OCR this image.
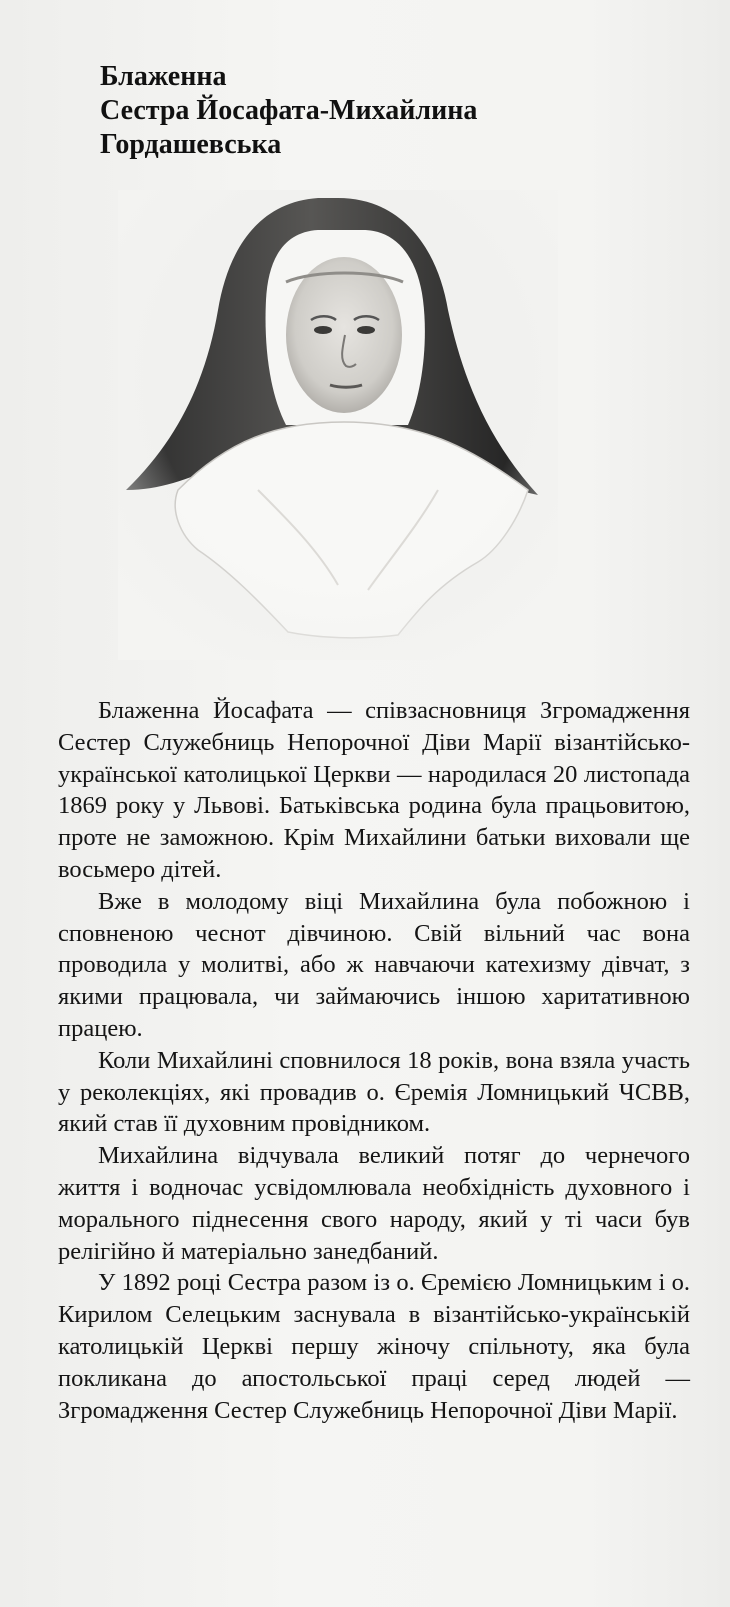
Блаженна
Сестра Йосафата-Михайлина
Гордашевська

Блаженна Йосафата — співзасновниця Згромадження Сестер Служебниць Непорочної Діви Марії візантійсько-української католицької Церкви — народилася 20 листопада 1869 року у Львові. Батьківська родина була працьовитою, проте не заможною. Крім Михайлини батьки виховали ще восьмеро дітей.

Вже в молодому віці Михайлина була побожною і сповненою чеснот дівчиною. Свій вільний час вона проводила у молитві, або ж навчаючи катехизму дівчат, з якими працювала, чи займаючись іншою харитативною працею.

Коли Михайлині сповнилося 18 років, вона взяла участь у реколекціях, які провадив о. Єремія Ломницький ЧСВВ, який став її духовним провідником.

Михайлина відчувала великий потяг до чернечого життя і водночас усвідомлювала необхідність духовного і морального піднесення свого народу, який у ті часи був релігійно й матеріально занедбаний.

У 1892 році Сестра разом із о. Єремією Ломницьким і о. Кирилом Селецьким заснувала в візантійсько-українській католицькій Церкві першу жіночу спільноту, яка була покликана до апостольської праці серед людей — Згромадження Сестер Служебниць Непорочної Діви Марії.
